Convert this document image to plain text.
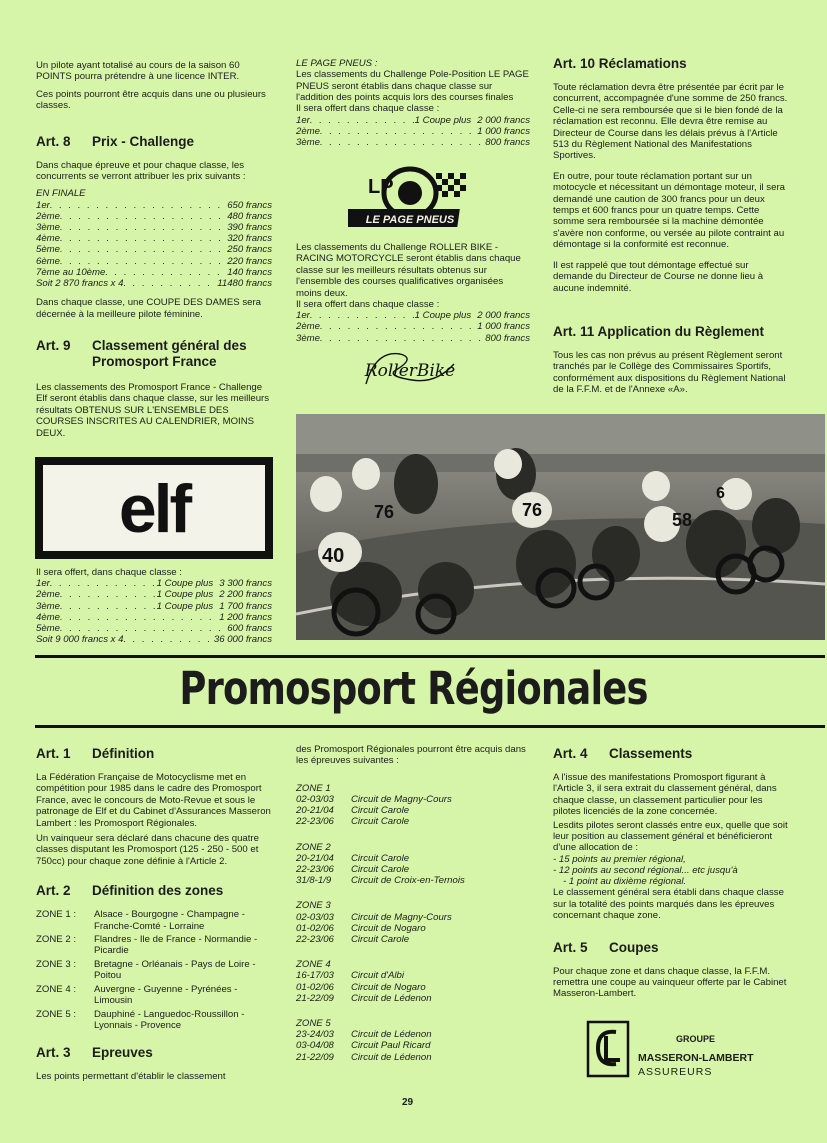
Un pilote ayant totalisé au cours de la saison 60 POINTS pourra prétendre à une licence INTER.

Ces points pourront être acquis dans une ou plusieurs classes.

Art. 8 Prix - Challenge

Dans chaque épreuve et pour chaque classe, les concurrents se verront attribuer les prix suivants :

EN FINALE
1er . . .	650 francs
2ème . . .	480 francs
3ème . . .	390 francs
4ème . . .	320 francs
5ème . . .	250 francs
6ème . . .	220 francs
7ème au 10ème . . .	140 francs
Soit 2 870 francs x 4 . . .	11480 francs

Dans chaque classe, une COUPE DES DAMES sera décernée à la meilleure pilote féminine.

Art. 9	Classement général des Promosport France

Les classements des Promosport France - Challenge Elf seront établis dans chaque classe, sur les meilleurs résultats OBTENUS SUR L'ENSEMBLE DES COURSES INSCRITES AU CALENDRIER, MOINS DEUX.

elf
Il sera offert, dans chaque classe :
1er . . .	1 Coupe plus 3 300 francs
2ème . . .	1 Coupe plus 2 200 francs
3ème . . .	1 Coupe plus 1 700 francs
4ème . . .	1 200 francs
5ème . . .	600 francs
Soit 9 000 francs x 4 . . .	36 000 francs
LE PAGE PNEUS :

Les classements du Challenge Pole-Position LE PAGE PNEUS seront établis dans chaque classe sur l'addition des points acquis lors des courses finales

Il sera offert dans chaque classe :
1er . . .	1 Coupe plus 2 000 francs
2ème . . .	1 000 francs
3ème . . .	800 francs
LP
LE PAGE PNEUS

Les classements du Challenge ROLLER BIKE - RACING MOTORCYCLE seront établis dans chaque classe sur les meilleurs résultats obtenus sur l'ensemble des courses qualificatives organisées moins deux.

Il sera offert dans chaque classe :
1er . . .	1 Coupe plus 2 000 francs
2ème . . .	1 000 francs
3ème . . .	800 francs
RollerBike
Art. 10 Réclamations

Toute réclamation devra être présentée par écrit par le concurrent, accompagnée d'une somme de 250 francs. Celle-ci ne sera remboursée que si le bien fondé de la réclamation est reconnu. Elle devra être remise au Directeur de Course dans les délais prévus à l'Article 513 du Règlement National des Manifestations Sportives.

En outre, pour toute réclamation portant sur un motocycle et nécessitant un démontage moteur, il sera demandé une caution de 300 francs pour un deux temps et 600 francs pour un quatre temps. Cette somme sera remboursée si la machine démontée s'avère non conforme, ou versée au pilote contraint au démontage si la conformité est reconnue.

Il est rappelé que tout démontage effectué sur demande du Directeur de Course ne donne lieu à aucune indemnité.

Art. 11 Application du Règlement

Tous les cas non prévus au présent Règlement seront tranchés par le Collège des Commissaires Sportifs, conformément aux dispositions du Règlement National de la F.F.M. et de l'Annexe «A».

40
76	76	58
6
Promosport Régionales
Art. 1 Définition

La Fédération Française de Motocyclisme met en compétition pour 1985 dans le cadre des Promosport France, avec le concours de Moto-Revue et sous le patronage de Elf et du Cabinet d'Assurances Masseron Lambert : les Promosport Régionales.

Un vainqueur sera déclaré dans chacune des quatre classes disputant les Promosport (125 - 250 - 500 et 750cc) pour chaque zone définie à l'Article 2.

Art. 2 Définition des zones
ZONE 1 :	Alsace - Bourgogne - Champagne - Franche-Comté - Lorraine
ZONE 2 :	Flandres - Ile de France - Normandie - Picardie
ZONE 3 :	Bretagne - Orléanais - Pays de Loire - Poitou
ZONE 4 :	Auvergne - Guyenne - Pyrénées - Limousin
ZONE 5 :	Dauphiné - Languedoc-Roussillon - Lyonnais - Provence
Art. 3 Epreuves

Les points permettant d'établir le classement

des Promosport Régionales pourront être acquis dans les épreuves suivantes :

ZONE 1
02-03/03	Circuit de Magny-Cours
20-21/04	Circuit Carole
22-23/06	Circuit Carole
ZONE 2
20-21/04	Circuit Carole
22-23/06	Circuit Carole
31/8-1/9	Circuit de Croix-en-Ternois
ZONE 3
02-03/03	Circuit de Magny-Cours
01-02/06	Circuit de Nogaro
22-23/06	Circuit Carole
ZONE 4
16-17/03	Circuit d'Albi
01-02/06	Circuit de Nogaro
21-22/09	Circuit de Lédenon
ZONE 5
23-24/03	Circuit de Lédenon
03-04/08	Circuit Paul Ricard
21-22/09	Circuit de Lédenon
29
Art. 4 Classements

A l'issue des manifestations Promosport figurant à l'Article 3, il sera extrait du classement général, dans chaque classe, un classement particulier pour les pilotes licenciés de la zone concernée.

Lesdits pilotes seront classés entre eux, quelle que soit leur position au classement général et bénéficieront d'une allocation de :

- 15 points au premier régional,
- 12 points au second régional... etc jusqu'à
- 1 point au dixième régional.

Le classement général sera établi dans chaque classe sur la totalité des points marqués dans les épreuves concernant chaque zone.

Art. 5 Coupes

Pour chaque zone et dans chaque classe, la F.F.M. remettra une coupe au vainqueur offerte par le Cabinet Masseron-Lambert.

GROUPE
MASSERON-LAMBERT
ASSUREURS
